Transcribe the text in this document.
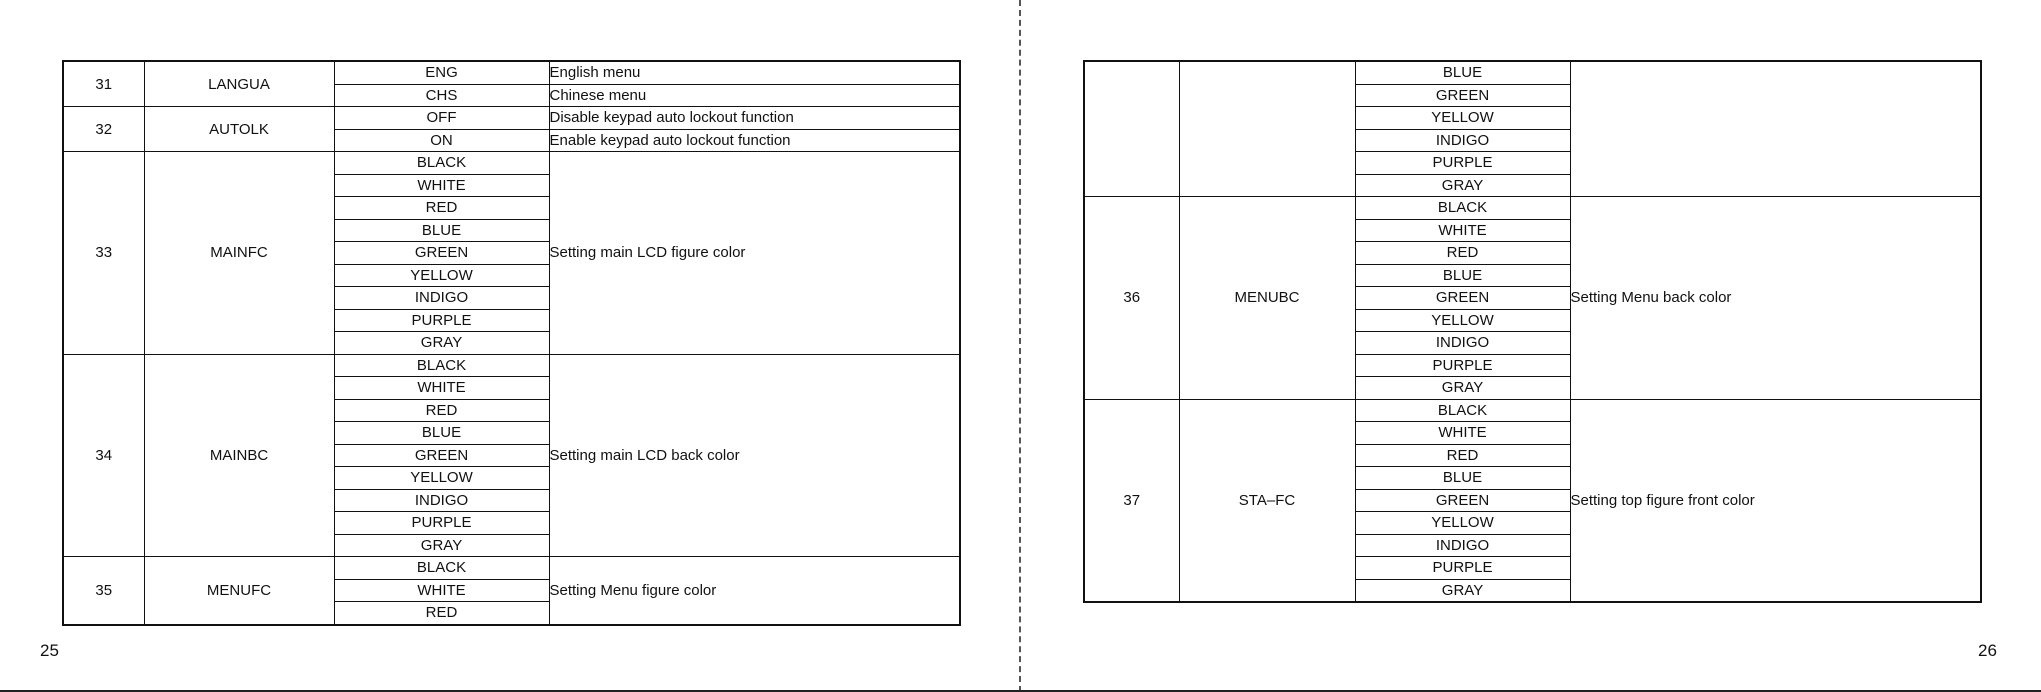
31	LANGUA	ENG	English menu
		CHS	Chinese menu
32	AUTOLK	OFF	Disable keypad auto lockout function
		ON	Enable keypad auto lockout function
33	MAINFC	BLACK	Setting main LCD figure color
		WHITE	
		RED	
		BLUE	
		GREEN	
		YELLOW	
		INDIGO	
		PURPLE	
		GRAY	
34	MAINBC	BLACK	Setting main LCD back color
		WHITE	
		RED	
		BLUE	
		GREEN	
		YELLOW	
		INDIGO	
		PURPLE	
		GRAY	
35	MENUFC	BLACK	Setting Menu figure color
		WHITE	
		RED	
		BLUE	
		GREEN	
		YELLOW	
		INDIGO	
		PURPLE	
		GRAY	
36	MENUBC	BLACK	Setting Menu back color
		WHITE	
		RED	
		BLUE	
		GREEN	
		YELLOW	
		INDIGO	
		PURPLE	
		GRAY	
37	STA–FC	BLACK	Setting top figure front color
		WHITE	
		RED	
		BLUE	
		GREEN	
		YELLOW	
		INDIGO	
		PURPLE	
		GRAY	
25	26
